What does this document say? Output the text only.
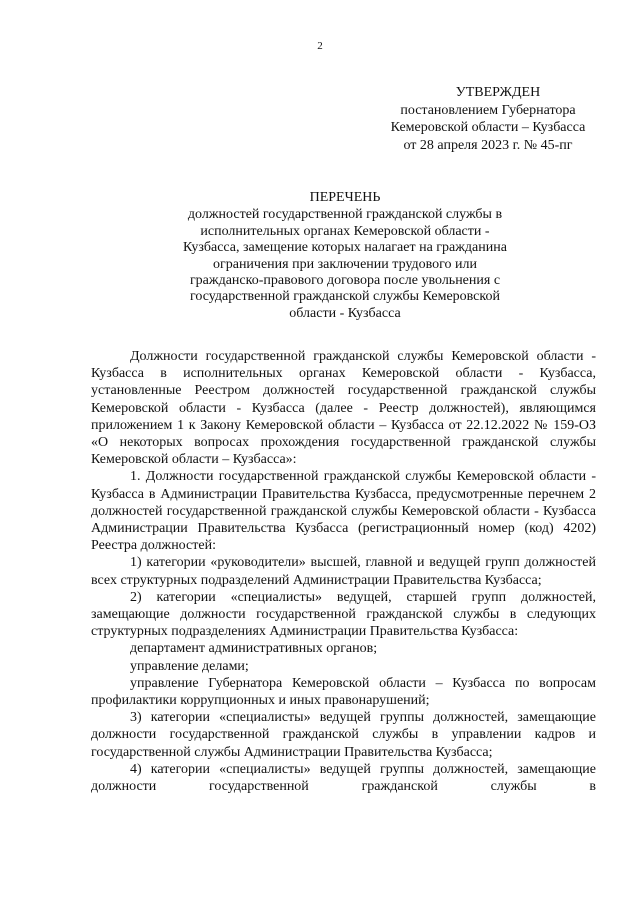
2
УТВЕРЖДЕН
постановлением Губернатора
Кемеровской области – Кузбасса
от 28 апреля 2023 г. № 45-пг
ПЕРЕЧЕНЬ
должностей государственной гражданской службы в
исполнительных органах Кемеровской области -
Кузбасса, замещение которых налагает на гражданина
ограничения при заключении трудового или
гражданско-правового договора после увольнения с
государственной гражданской службы Кемеровской
области - Кузбасса

Должности государственной гражданской службы Кемеровской области - Кузбасса в исполнительных органах Кемеровской области - Кузбасса, установленные Реестром должностей государственной гражданской службы Кемеровской области - Кузбасса (далее - Реестр должностей), являющимся приложением 1 к Закону Кемеровской области – Кузбасса от 22.12.2022 № 159-ОЗ «О некоторых вопросах прохождения государственной гражданской службы Кемеровской области – Кузбасса»:

1. Должности государственной гражданской службы Кемеровской области - Кузбасса в Администрации Правительства Кузбасса, предусмотренные перечнем 2 должностей государственной гражданской службы Кемеровской области - Кузбасса Администрации Правительства Кузбасса (регистрационный номер (код) 4202) Реестра должностей:

1) категории «руководители» высшей, главной и ведущей групп должностей всех структурных подразделений Администрации Правительства Кузбасса;

2) категории «специалисты» ведущей, старшей групп должностей, замещающие должности государственной гражданской службы в следующих структурных подразделениях Администрации Правительства Кузбасса:

департамент административных органов;

управление делами;

управление Губернатора Кемеровской области – Кузбасса по вопросам профилактики коррупционных и иных правонарушений;

3) категории «специалисты» ведущей группы должностей, замещающие должности государственной гражданской службы в управлении кадров и государственной службы Администрации Правительства Кузбасса;

4) категории «специалисты» ведущей группы должностей, замещающие должности государственной гражданской службы в
